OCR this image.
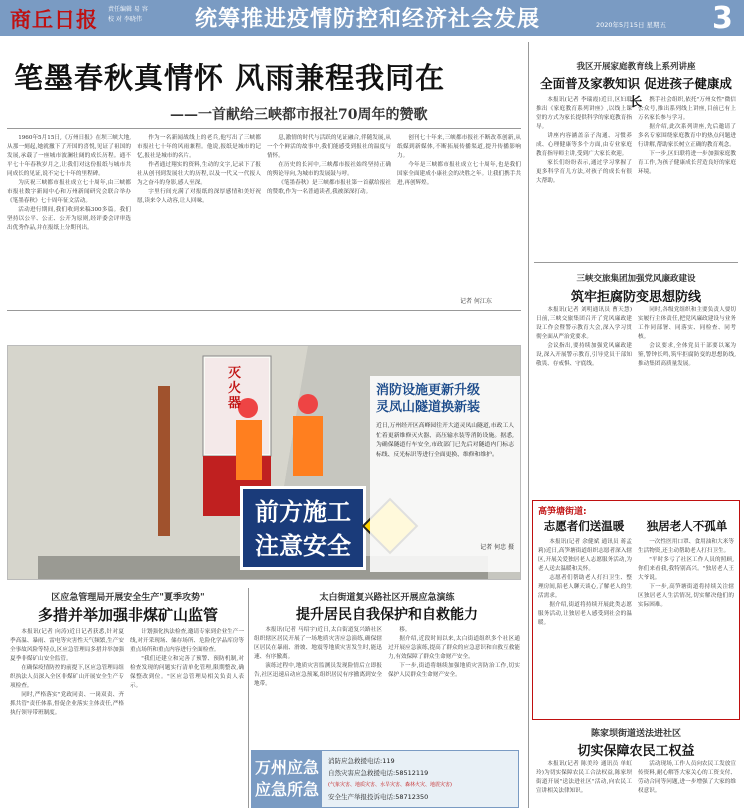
商丘日报 责任编辑 易 容
校 对 李晓伟 统筹推进疫情防控和经济社会发展	2020年5月15日 星期五 3
笔墨春秋真情怀 风雨兼程我同在
——一首献给三峡都市报社70周年的赞歌

1960年5月15日,《万州日报》在坝三峡大地,从那一刻起,她就撤下了开国的喜悦,见证了祖国的发展,承载了一座城市波澜壮阔的成长历程。通不平七十年春秋岁月之,让我们对这份报纸与城市共同成长的见证,说不完七十年的里程碑。

为庆祝三峡都市报社成立七十周年,由三峡都市报社数字新闻中心和万州新闻研究会联合举办《笔墨春秋》七十周年征文活动。

活动进行期间,我们收到来稿300多篇。我们坚持以公平、公正、公开为原则,经评委会评审选出优秀作品,并在报纸上分期刊出。

作为一名新闻战线上的老兵,他写出了三峡都市报社七十年的风雨兼程。他说,报纸是城市的记忆,报社是城市的名片。

作者通过翔实的资料,生动的文字,记录下了报社从创刊到发展壮大的历程,以及一代又一代报人为之奋斗的身影,感人至深。

字里行间充满了对报纸的深厚感情和美好祝愿,读来令人动容,让人回味。

息,激情的时代与活跃的见证融合,伴随发展,从一个个鲜活的故事中,我们能感受到报社的温度与情怀。

在历史的长河中,三峡都市报社始终坚持正确的舆论导向,为城市的发展鼓与呼。

《笔墨春秋》是三峡都市报社第一首献给报社的赞歌,作为一名普通读者,我被深深打动。

创刊七十年来,三峡都市报社不断改革创新,从纸媒到新媒体,不断拓展传播渠道,提升传播影响力。

今年是三峡都市报社成立七十周年,也是我们国家全面建成小康社会的决胜之年。让我们携手共进,再创辉煌。

记者 何江东
我区开展家庭教育线上系列讲座
全面普及家教知识 促进孩子健康成长

本报讯(记者 李瑞霞)近日,区妇联推出《家庭教育系列讲座》,以线上课堂的方式为家长提供科学的家庭教育指导。

讲座内容涵盖亲子沟通、习惯养成、心理健康等多个方面,由专业家庭教育指导师主讲,受到广大家长欢迎。

家长们纷纷表示,通过学习掌握了更多科学育儿方法,对孩子的成长有很大帮助。

携手社会组织,依托"万州女性"微信公众号,推出系列线上讲座,目前已有上万名家长参与学习。

据介绍,此次系列讲座,先后邀请了多名专家围绕家庭教育中的热点问题进行讲解,帮助家长树立正确的教育观念。

下一步,区妇联将进一步加强家庭教育工作,为孩子健康成长营造良好的家庭环境。

三峡交旅集团加强党风廉政建设
筑牢拒腐防变思想防线

本报讯(记者 刘明通讯员 曹天慧)日前,三峡交旅集团召开了党风廉政建设工作会暨警示教育大会,深入学习贯彻全面从严治党要求。

会议指出,要持续加强党风廉政建设,深入开展警示教育,引导党员干部知敬畏、存戒惧、守底线。

同时,各级党组织和主要负责人要切实履行主体责任,把党风廉政建设与业务工作同部署、同落实、同检查、同考核。

会议要求,全体党员干部要以案为鉴,警钟长鸣,筑牢拒腐防变的思想防线,推动集团高质量发展。

高笋塘街道:
志愿者们送温暖	独居老人不孤单

本报讯(记者 余健斌 通讯员 蒋孟莉)近日,高笋塘街道组织志愿者深入辖区,开展关爱独居老人志愿服务活动,为老人送去温暖和关怀。

志愿者们帮助老人打扫卫生、整理房间,陪老人聊天谈心,了解老人的生活需求。

据介绍,街道将持续开展此类志愿服务活动,让独居老人感受到社会的温暖。

一次性医用口罩、食用油和大米等生活物资,还主动帮助老人打扫卫生。

"平时多亏了社区工作人员的照顾,你们来看我,我特别高兴。"独居老人王大爷说。

下一步,高笋塘街道将持续关注辖区独居老人生活情况,切实解决他们的实际困难。

陈家坝街道送法进社区
切实保障农民工权益

本报讯(记者 陈美玲 通讯员 单虹玲)为切实保障农民工合法权益,陈家坝街道开展"送法进社区"活动,向农民工宣讲相关法律知识。

活动现场,工作人员向农民工发放宣传资料,耐心解答大家关心的工资支付、劳动合同等问题,进一步增强了大家的维权意识。

灭火器
前方施工
注意安全
消防设施更新升级
灵凤山隧道换新装
近日,万州经开区高峰园往开大道灵凤山隧道,市政工人忙着更新维修灭火器、高压输水装等消防设施。据悉,为确保隧道行车安全,市政部门已先后对隧道内门标志标线、反光标识等进行全面更换、维修和维护。
记者 何忠 摄
区应急管理局开展安全生产"夏季攻势"
多措并举加强非煤矿山监管

本报讯(记者 向涛)近日记者获悉,针对夏季高温、暴雨、雷电等灾害性天气频繁,生产安全事故风险等特点,区应急管理局多措并举加强夏季非煤矿山安全监管。

在确保疫情防控的前提下,区应急管理局组织执法人员深入全区非煤矿山开展安全生产专项检查。

同时,严格落实"党政同责、一岗双责、齐抓共管"责任体系,督促企业落实主体责任,严格执行领导带班制度。

计划强化执法检查,邀请专家到企业生产一线,对开采现场、储存场所、危险化学品库房等重点场所和重点内容进行全面检查。

"我们还建立和完善了预警、预防机制,对检查发现的问题实行清单化管理,限期整改,确保整改到位。"区应急管理局相关负责人表示。

太白街道复兴路社区开展应急演练
提升居民自我保护和自救能力

本报讯(记者 马绍宇)近日,太白街道复兴路社区组织辖区居民开展了一场地质灾害应急演练,确保辖区居民在暴雨、滑坡、地震等地质灾害发生时,能迅速、有序撤离。

演练过程中,地质灾害监测员发现险情后立即报告,社区迅速启动应急预案,组织居民有序撤离到安全地带。

移。

据介绍,近段时间以来,太白街道组织多个社区通过开展应急演练,提高了群众的应急意识和自救互救能力,有效保障了群众生命财产安全。

下一步,街道将继续加强地质灾害防治工作,切实保护人民群众生命财产安全。

万州应急 应急所急
消防应急救援电话:119
自然灾害应急救援电话:58512119
(气象灾害、地质灾害、水旱灾害、森林火灾、地震灾害)
安全生产举报投诉电话:58712350
